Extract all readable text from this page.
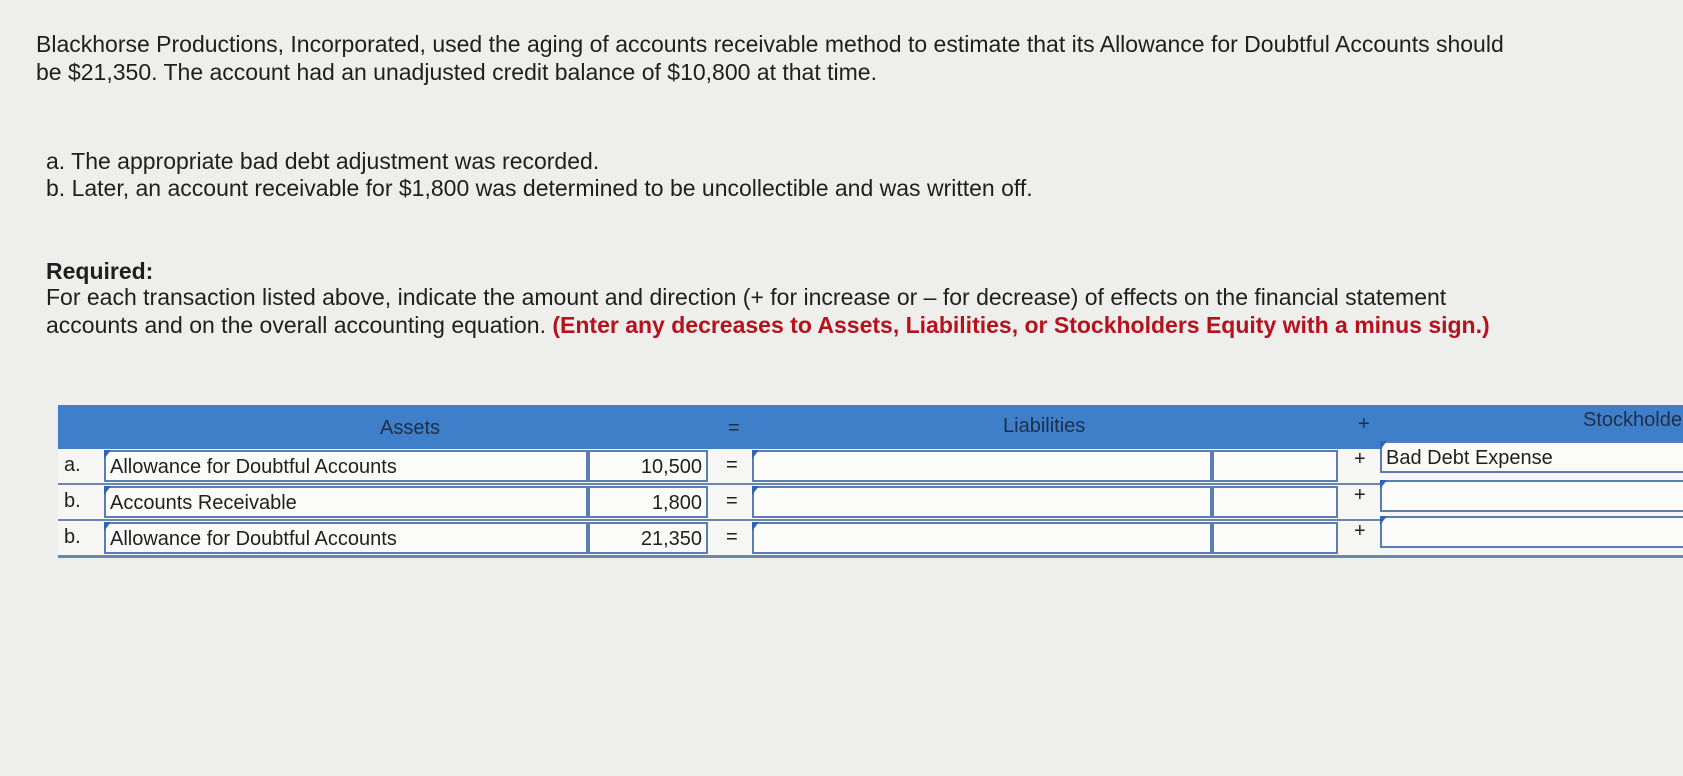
Blackhorse Productions, Incorporated, used the aging of accounts receivable method to estimate that its Allowance for Doubtful Accounts should be $21,350. The account had an unadjusted credit balance of $10,800 at that time.

a. The appropriate bad debt adjustment was recorded.

b. Later, an account receivable for $1,800 was determined to be uncollectible and was written off.

Required:

For each transaction listed above, indicate the amount and direction (+ for increase or – for decrease) of effects on the financial statement accounts and on the overall accounting equation. (Enter any decreases to Assets, Liabilities, or Stockholders Equity with a minus sign.)

Assets	=	Liabilities	+	Stockholde
a. Allowance for Doubtful Accounts	10,500 =	+ Bad Debt Expense
b. Accounts Receivable	1,800 =	+
b. Allowance for Doubtful Accounts	21,350 =	+
